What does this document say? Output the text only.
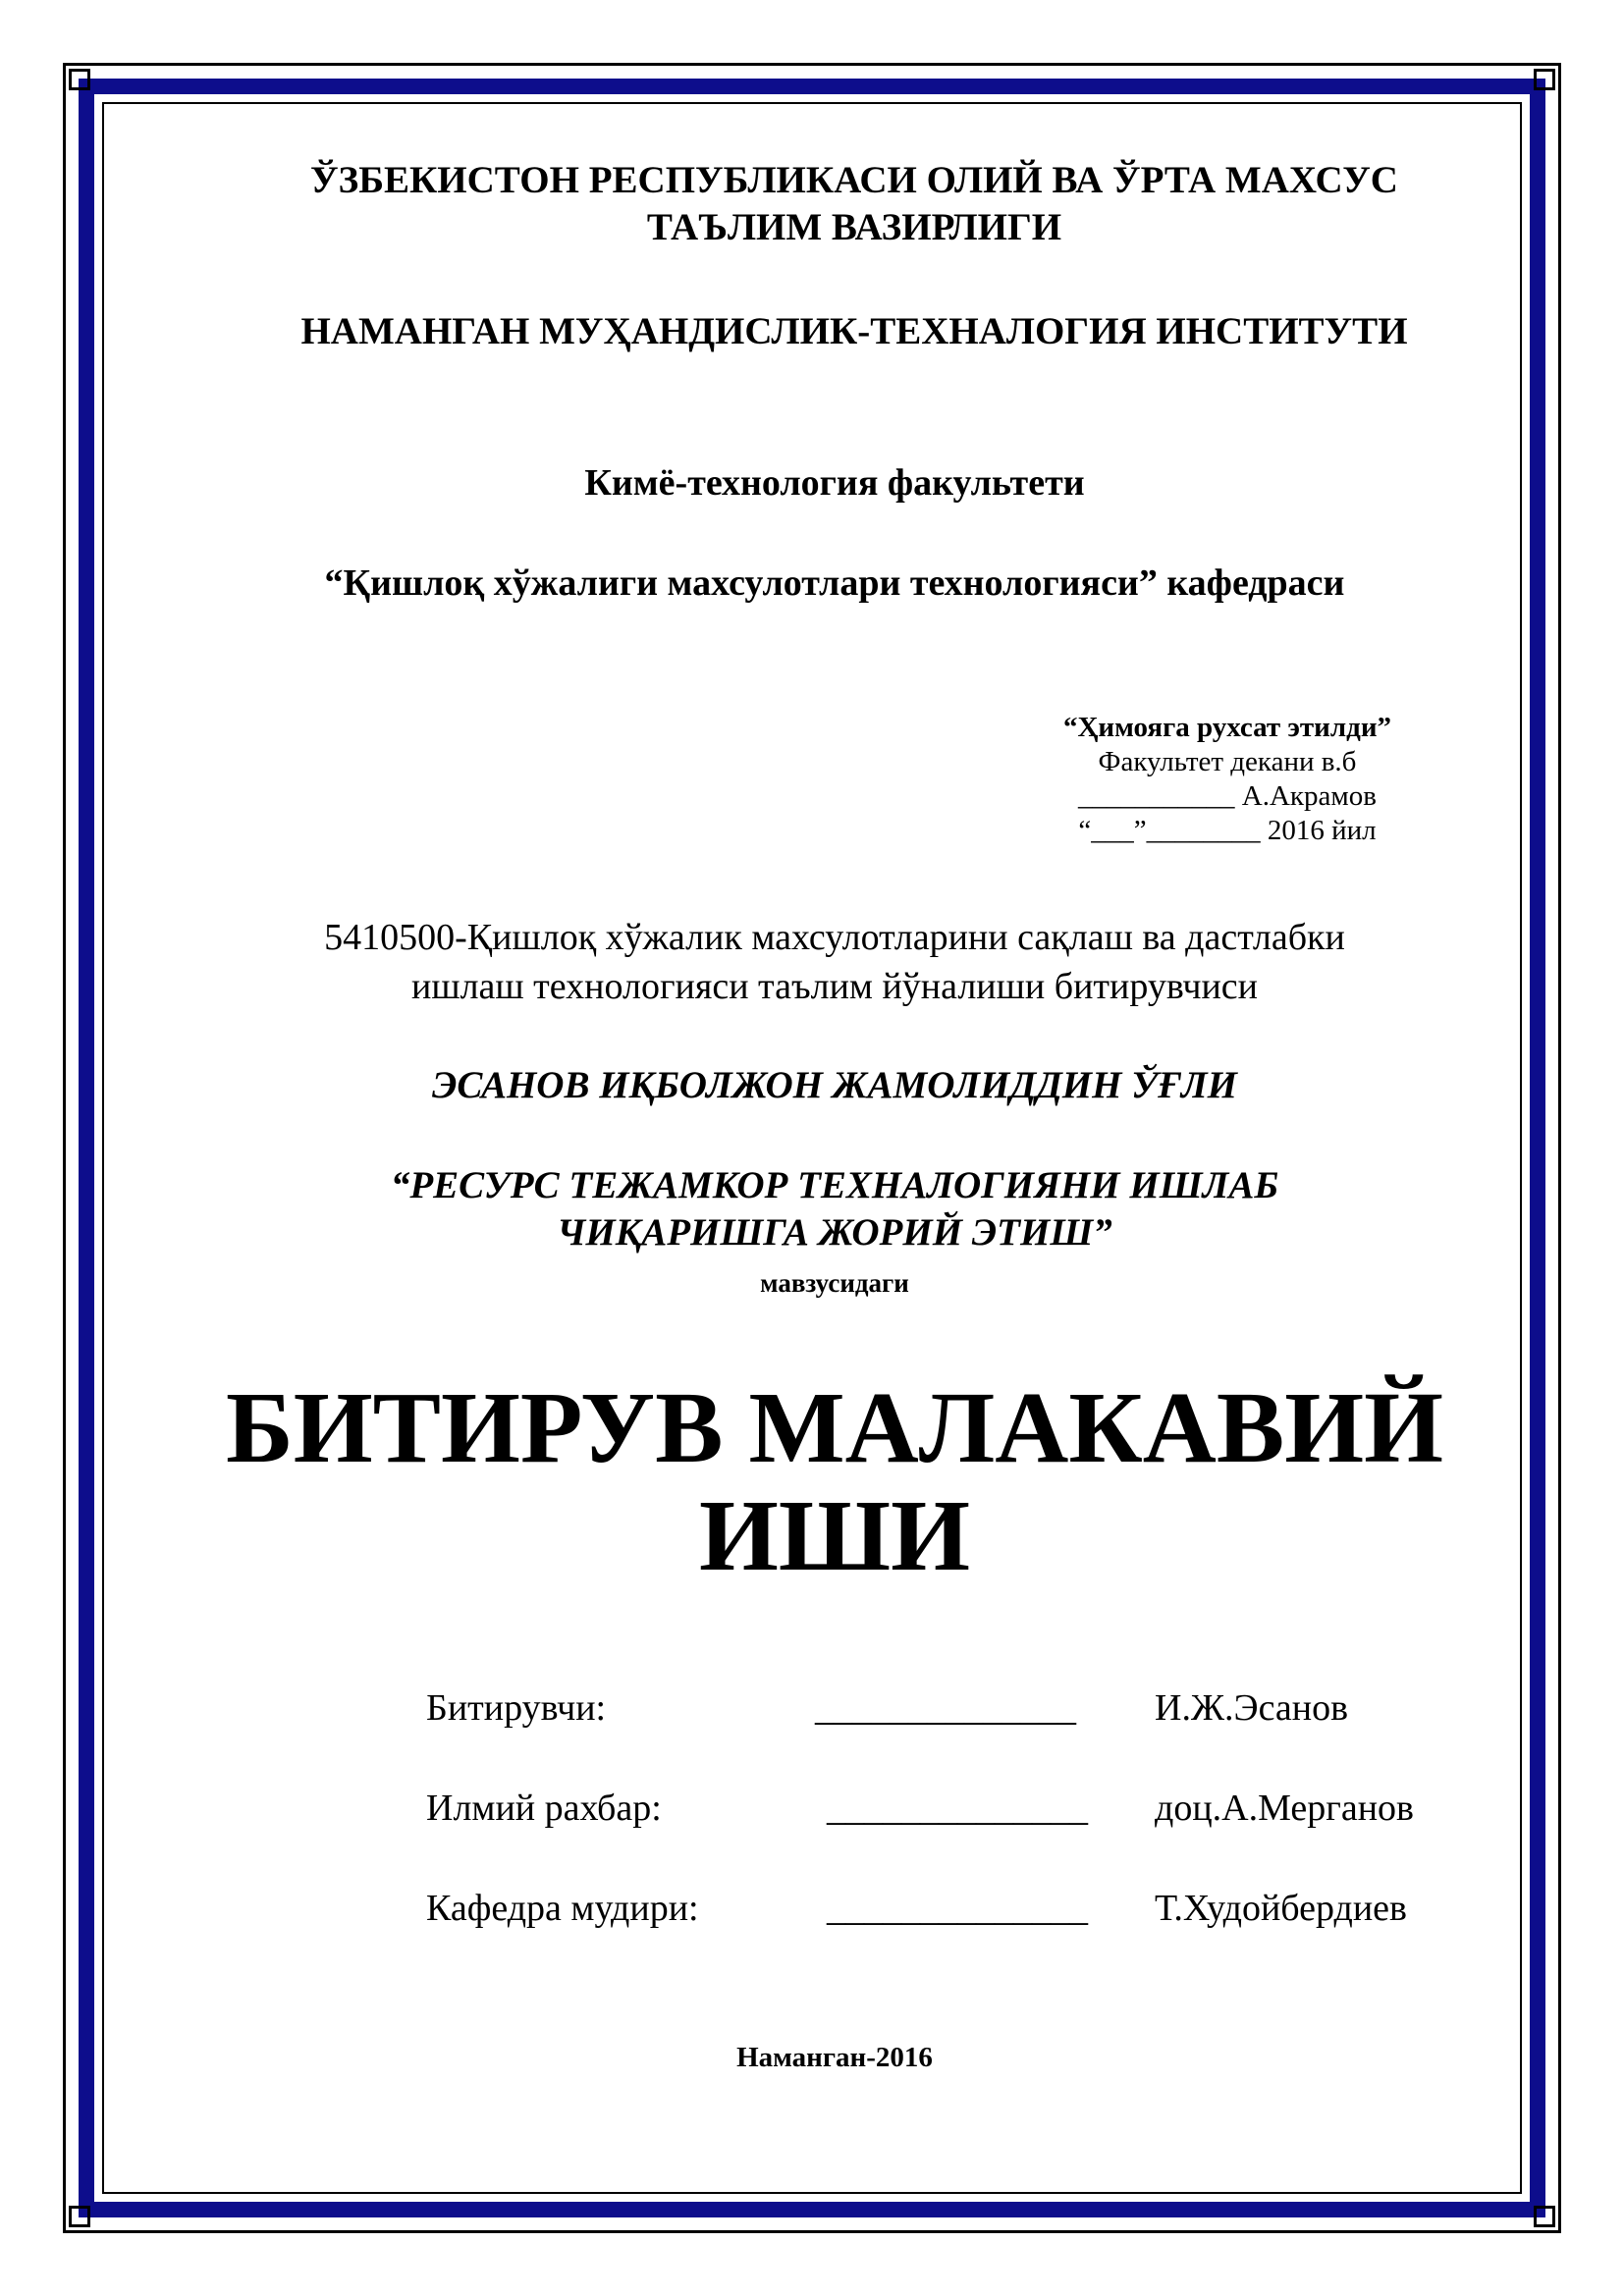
ЎЗБЕКИСТОН РЕСПУБЛИКАСИ ОЛИЙ ВА ЎРТА МАХСУС
ТАЪЛИМ ВАЗИРЛИГИ
НАМАНГАН МУҲАНДИСЛИК-ТЕХНАЛОГИЯ ИНСТИТУТИ
Кимё-технология факультети
“Қишлоқ хўжалиги махсулотлари технологияси” кафедраси
“Ҳимояга рухсат этилди”
Факультет декани в.б
___________ А.Акрамов
“___”________ 2016 йил
5410500-Қишлоқ хўжалик махсулотларини сақлаш ва дастлабки
ишлаш технологияси таълим йўналиши битирувчиси
ЭСАНОВ ИҚБОЛЖОН ЖАМОЛИДДИН ЎҒЛИ
“РЕСУРС ТЕЖАМКОР ТЕХНАЛОГИЯНИ ИШЛАБ
ЧИҚАРИШГА ЖОРИЙ ЭТИШ”
мавзусидаги
БИТИРУВ МАЛАКАВИЙ
ИШИ
Битирувчи:	______________ И.Ж.Эсанов
Илмий рахбар:	______________ доц.А.Мерганов
Кафедра мудири:	______________ Т.Худойбердиев
Наманган-2016
